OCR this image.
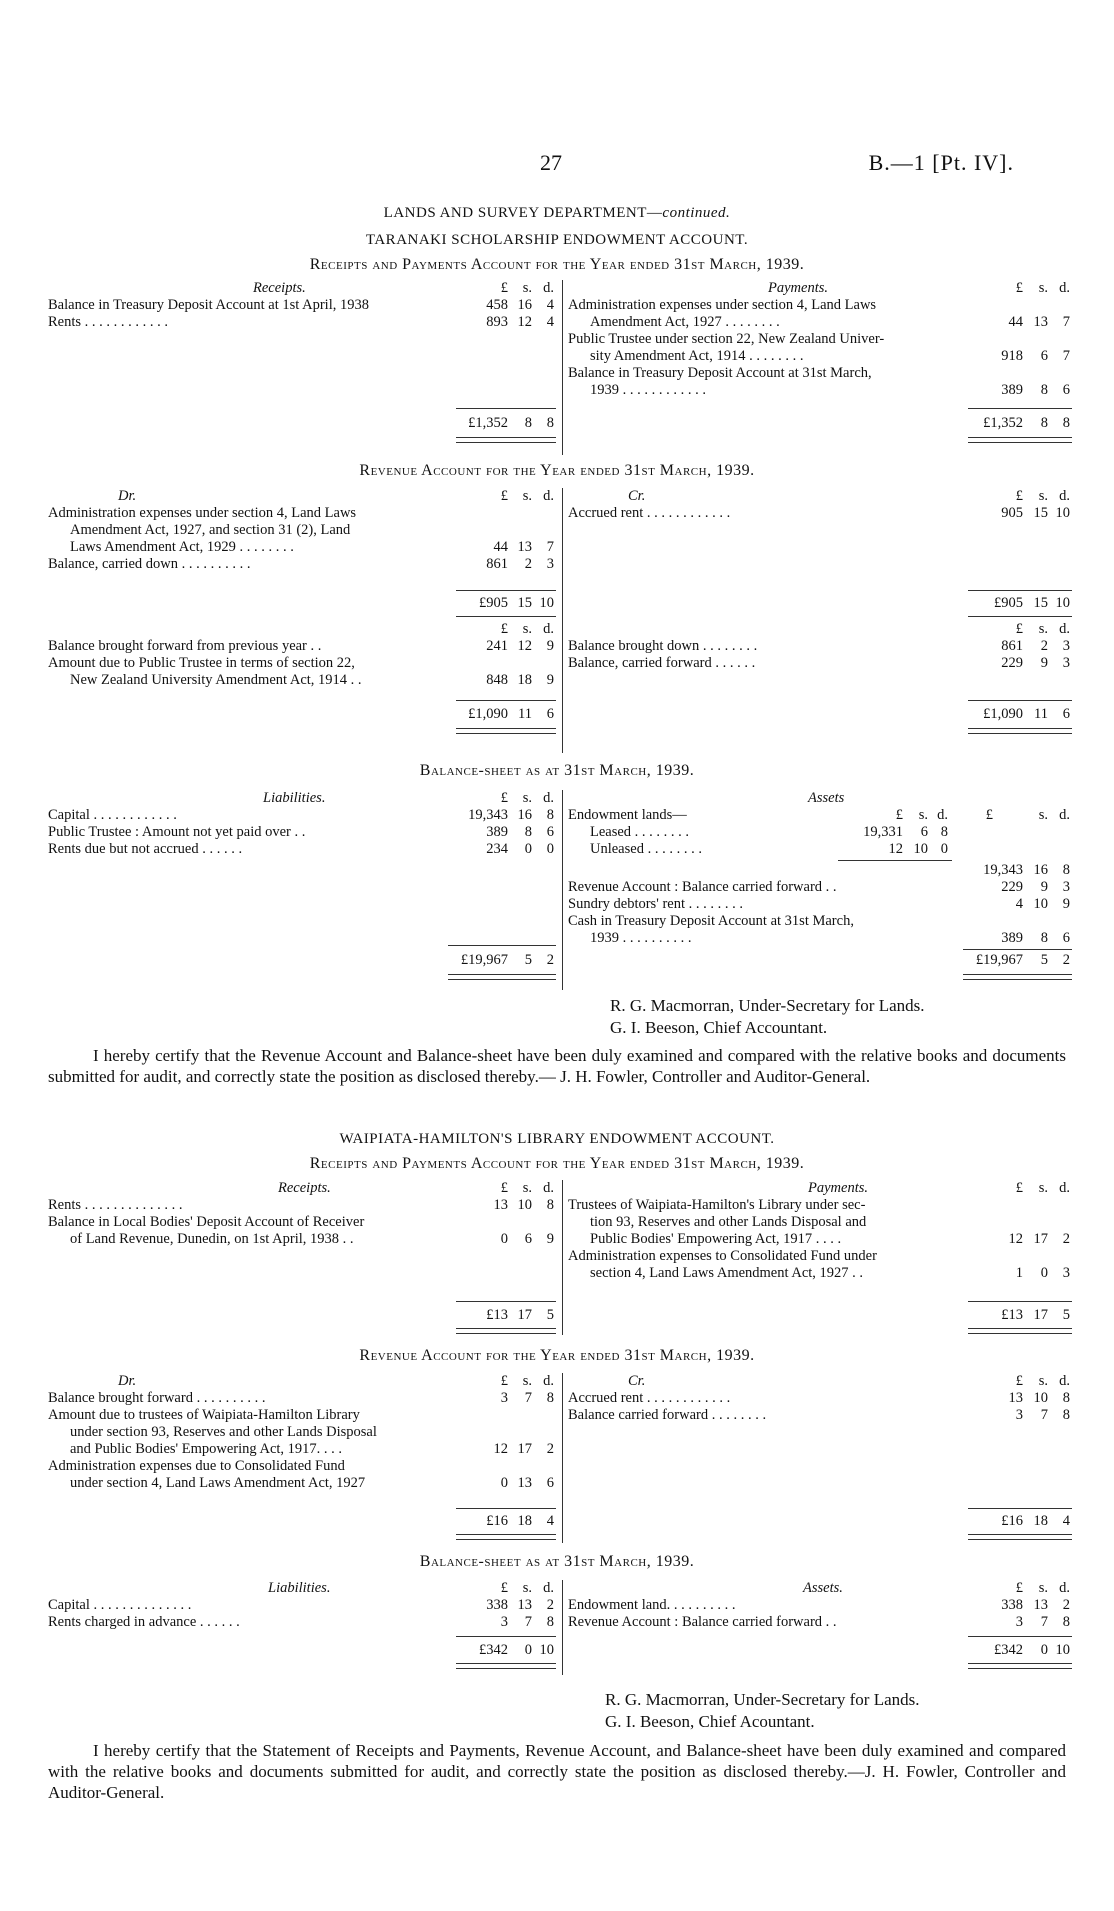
27	B.—1 [Pt. IV].
LANDS AND SURVEY DEPARTMENT—continued.
TARANAKI SCHOLARSHIP ENDOWMENT ACCOUNT.
Receipts and Payments Account for the Year ended 31st March, 1939.
Receipts.	£	s. d.
Balance in Treasury Deposit Account at 1st April, 1938	458 16	4
Rents . . . . . . . . . . . .	893 12	4
£1,352	8	8
Payments.	£	s. d.
Administration expenses under section 4, Land Laws
Amendment Act, 1927 . . . . . . . .	44 13	7
Public Trustee under section 22, New Zealand Univer-
sity Amendment Act, 1914 . . . . . . . .	918	6	7
Balance in Treasury Deposit Account at 31st March,
1939 . . . . . . . . . . . .	389	8	6
£1,352	8	8
Revenue Account for the Year ended 31st March, 1939.
Dr.	£	s. d.
Administration expenses under section 4, Land Laws
Amendment Act, 1927, and section 31 (2), Land
Laws Amendment Act, 1929 . . . . . . . .	44 13	7
Balance, carried down . . . . . . . . . .	861	2	3
£905 15 10
£	s. d.
Balance brought forward from previous year . .	241 12	9
Amount due to Public Trustee in terms of section 22,
New Zealand University Amendment Act, 1914 . .	848 18	9
£1,090 11	6
Cr.	£	s. d.
Accrued rent . . . . . . . . . . . .	905 15 10
£905 15 10
£	s. d.
Balance brought down . . . . . . . .	861	2	3
Balance, carried forward . . . . . .	229	9	3
£1,090 11	6
Balance-sheet as at 31st March, 1939.
Liabilities.	£	s. d.
Capital . . . . . . . . . . . .	19,343 16	8
Public Trustee : Amount not yet paid over . .	389	8	6
Rents due but not accrued . . . . . .	234	0	0
£19,967	5	2
Assets
Endowment lands—	£	s. d.	£	s. d.
Leased . . . . . . . .	19,331	6 8
Unleased . . . . . . . .	12 10 0
19,343 16	8
Revenue Account : Balance carried forward . .	229	9	3
Sundry debtors' rent . . . . . . . .	4 10	9
Cash in Treasury Deposit Account at 31st March,
1939 . . . . . . . . . .	389	8	6
£19,967	5	2
R. G. Macmorran, Under-Secretary for Lands.
G. I. Beeson, Chief Accountant.
I hereby certify that the Revenue Account and Balance-sheet have been duly examined and compared with the relative books and documents submitted for audit, and correctly state the position as disclosed thereby.— J. H. Fowler, Controller and Auditor-General.
WAIPIATA-HAMILTON'S LIBRARY ENDOWMENT ACCOUNT.
Receipts and Payments Account for the Year ended 31st March, 1939.
Receipts.	£	s. d.
Rents . . . . . . . . . . . . . .	13 10	8
Balance in Local Bodies' Deposit Account of Receiver
of Land Revenue, Dunedin, on 1st April, 1938 . .	0	6	9
£13 17	5
Payments.	£	s. d.
Trustees of Waipiata-Hamilton's Library under sec-
tion 93, Reserves and other Lands Disposal and
Public Bodies' Empowering Act, 1917 . . . .	12 17	2
Administration expenses to Consolidated Fund under
section 4, Land Laws Amendment Act, 1927 . .	1	0	3
£13 17	5
Revenue Account for the Year ended 31st March, 1939.
Dr.	£	s. d.
Balance brought forward . . . . . . . . . .	3	7	8
Amount due to trustees of Waipiata-Hamilton Library
under section 93, Reserves and other Lands Disposal
and Public Bodies' Empowering Act, 1917. . . .	12 17	2
Administration expenses due to Consolidated Fund
under section 4, Land Laws Amendment Act, 1927	0 13	6
£16 18	4
Cr.	£	s. d.
Accrued rent . . . . . . . . . . . .	13 10	8
Balance carried forward . . . . . . . .	3	7	8
£16 18	4
Balance-sheet as at 31st March, 1939.
Liabilities.	£	s. d.
Capital . . . . . . . . . . . . . .	338 13	2
Rents charged in advance . . . . . .	3	7	8
£342	0 10
Assets.	£	s. d.
Endowment land. . . . . . . . . .	338 13	2
Revenue Account : Balance carried forward . .	3	7	8
£342	0 10
R. G. Macmorran, Under-Secretary for Lands.
G. I. Beeson, Chief Acountant.
I hereby certify that the Statement of Receipts and Payments, Revenue Account, and Balance-sheet have been duly examined and compared with the relative books and documents submitted for audit, and correctly state the position as disclosed thereby.—J. H. Fowler, Controller and Auditor-General.
